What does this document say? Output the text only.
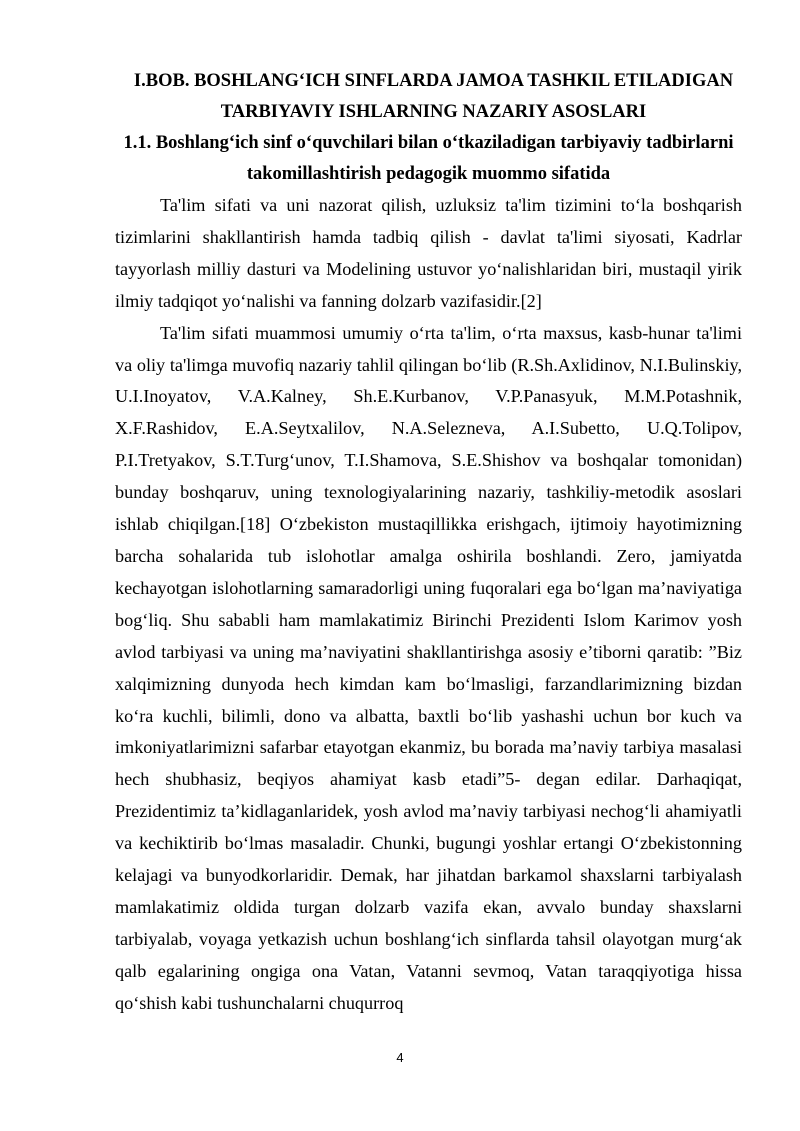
I.BOB. BOSHLANG‘ICH SINFLARDA JAMOA TASHKIL ETILADIGAN
TARBIYAVIY ISHLARNING NAZARIY ASOSLARI

1.1. Boshlang‘ich sinf o‘quvchilari bilan o‘tkaziladigan tarbiyaviy tadbirlarni
takomillashtirish pedagogik muommo sifatida

Ta'lim sifati va uni nazorat qilish, uzluksiz ta'lim tizimini to‘la boshqarish tizimlarini shakllantirish hamda tadbiq qilish - davlat ta'limi siyosati, Kadrlar tayyorlash milliy dasturi va Modelining ustuvor yo‘nalishlaridan biri, mustaqil yirik ilmiy tadqiqot yo‘nalishi va fanning dolzarb vazifasidir.[2]

Ta'lim sifati muammosi umumiy o‘rta ta'lim, o‘rta maxsus, kasb-hunar ta'limi va oliy ta'limga muvofiq nazariy tahlil qilingan bo‘lib (R.Sh.Axlidinov, N.I.Bulinskiy, U.I.Inoyatov, V.A.Kalney, Sh.E.Kurbanov, V.P.Panasyuk, M.M.Potashnik, X.F.Rashidov, E.A.Seytxalilov, N.A.Selezneva, A.I.Subetto, U.Q.Tolipov, P.I.Tretyakov, S.T.Turg‘unov, T.I.Shamova, S.E.Shishov va boshqalar tomonidan) bunday boshqaruv, uning texnologiyalarining nazariy, tashkiliy-metodik asoslari ishlab chiqilgan.[18] O‘zbekiston mustaqillikka erishgach, ijtimoiy hayotimizning barcha sohalarida tub islohotlar amalga oshirila boshlandi. Zero, jamiyatda kechayotgan islohotlarning samaradorligi uning fuqoralari ega bo‘lgan ma’naviyatiga bog‘liq. Shu sababli ham mamlakatimiz Birinchi Prezidenti Islom Karimov yosh avlod tarbiyasi va uning ma’naviyatini shakllantirishga asosiy e’tiborni qaratib: ”Biz xalqimizning dunyoda hech kimdan kam bo‘lmasligi, farzandlarimizning bizdan ko‘ra kuchli, bilimli, dono va albatta, baxtli bo‘lib yashashi uchun bor kuch va imkoniyatlarimizni safarbar etayotgan ekanmiz, bu borada ma’naviy tarbiya masalasi hech shubhasiz, beqiyos ahamiyat kasb etadi”5- degan edilar. Darhaqiqat, Prezidentimiz ta’kidlaganlaridek, yosh avlod ma’naviy tarbiyasi nechog‘li ahamiyatli va kechiktirib bo‘lmas masaladir. Chunki, bugungi yoshlar ertangi O‘zbekistonning kelajagi va bunyodkorlaridir. Demak, har jihatdan barkamol shaxslarni tarbiyalash mamlakatimiz oldida turgan dolzarb vazifa ekan, avvalo bunday shaxslarni tarbiyalab, voyaga yetkazish uchun boshlang‘ich sinflarda tahsil olayotgan murg‘ak qalb egalarining ongiga ona Vatan, Vatanni sevmoq, Vatan taraqqiyotiga hissa qo‘shish kabi tushunchalarni chuqurroq

4
